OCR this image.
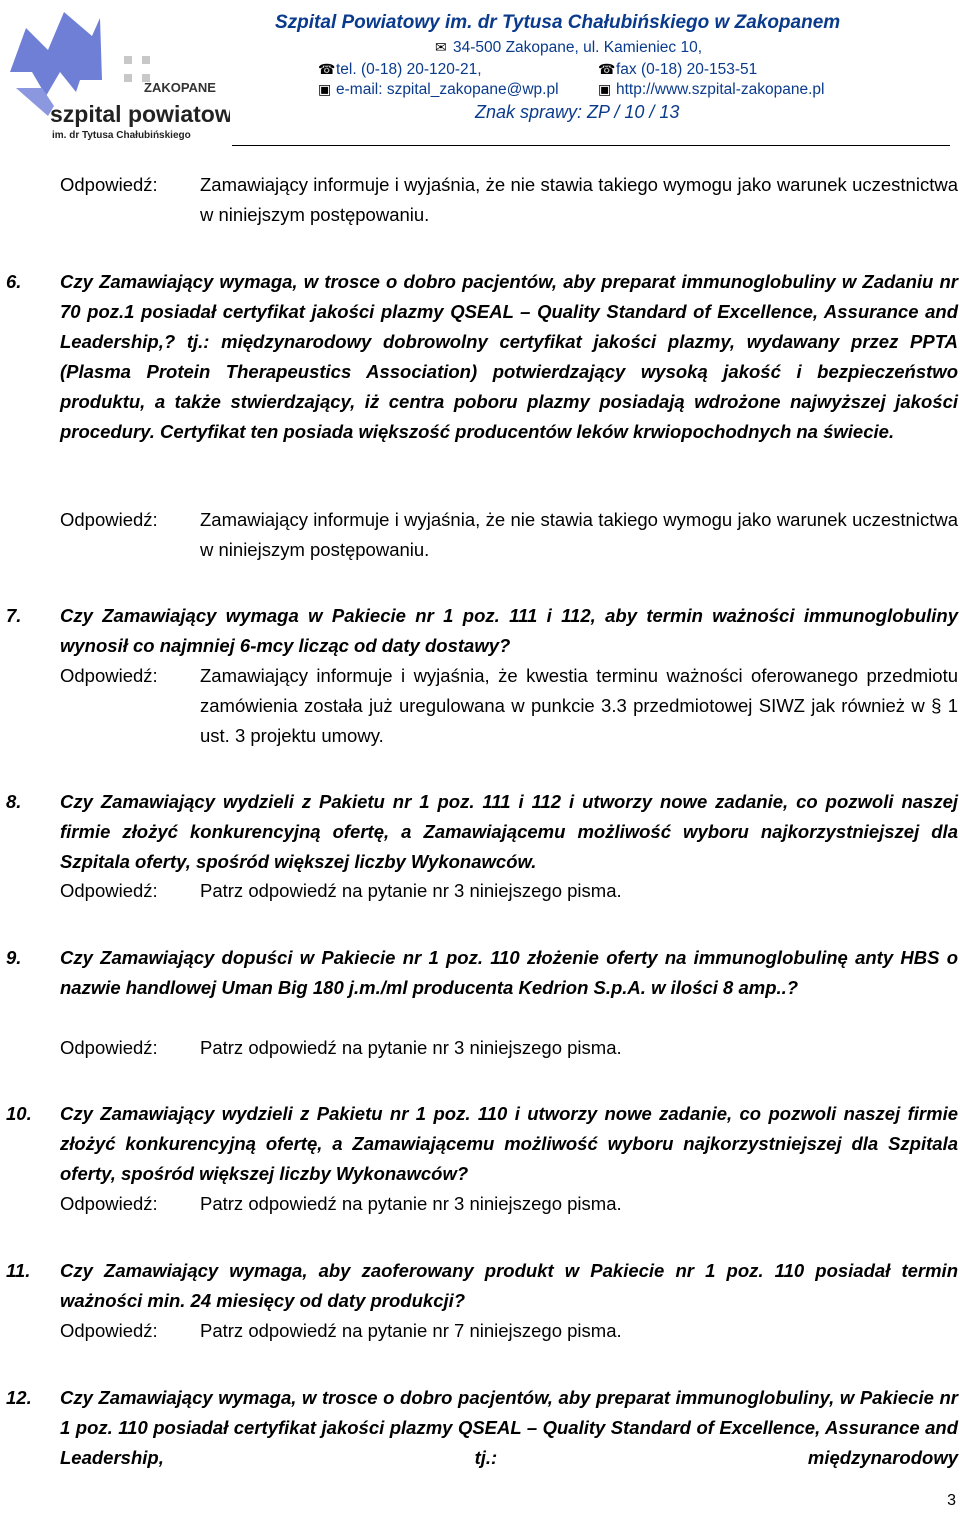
ZAKOPANE
szpital powiatowy
im. dr Tytusa Chałubińskiego
Szpital Powiatowy im. dr Tytusa Chałubińskiego w Zakopanem
✉ 34-500 Zakopane, ul. Kamieniec 10,
☎tel. (0-18) 20-120-21,	☎fax (0-18) 20-153-51
▣ e-mail: szpital_zakopane@wp.pl	▣ http://www.szpital-zakopane.pl
Znak sprawy: ZP / 10 / 13
Odpowiedź: Zamawiający informuje i wyjaśnia, że nie stawia takiego wymogu jako warunek uczestnictwa w niniejszym postępowaniu.
6. Czy Zamawiający wymaga, w trosce o dobro pacjentów, aby preparat immunoglobuliny w Zadaniu nr 70 poz.1 posiadał certyfikat jakości plazmy QSEAL – Quality Standard of Excellence, Assurance and Leadership,? tj.: międzynarodowy dobrowolny certyfikat jakości plazmy, wydawany przez PPTA (Plasma Protein Therapeustics Association) potwierdzający wysoką jakość i bezpieczeństwo produktu, a także stwierdzający, iż centra poboru plazmy posiadają wdrożone najwyższej jakości procedury. Certyfikat ten posiada większość producentów leków krwiopochodnych na świecie.
Odpowiedź: Zamawiający informuje i wyjaśnia, że nie stawia takiego wymogu jako warunek uczestnictwa w niniejszym postępowaniu.
7. Czy Zamawiający wymaga w Pakiecie nr 1 poz. 111 i 112, aby termin ważności immunoglobuliny wynosił co najmniej 6-mcy licząc od daty dostawy?
Odpowiedź: Zamawiający informuje i wyjaśnia, że kwestia terminu ważności oferowanego przedmiotu zamówienia została już uregulowana w punkcie 3.3 przedmiotowej SIWZ jak również w § 1 ust. 3 projektu umowy.
8. Czy Zamawiający wydzieli z Pakietu nr 1 poz. 111 i 112 i utworzy nowe zadanie, co pozwoli naszej firmie złożyć konkurencyjną ofertę, a Zamawiającemu możliwość wyboru najkorzystniejszej dla Szpitala oferty, spośród większej liczby Wykonawców.
Odpowiedź: Patrz odpowiedź na pytanie nr 3 niniejszego pisma.
9. Czy Zamawiający dopuści w Pakiecie nr 1 poz. 110 złożenie oferty na immunoglobulinę anty HBS o nazwie handlowej Uman Big 180 j.m./ml producenta Kedrion S.p.A. w ilości 8 amp..?
Odpowiedź: Patrz odpowiedź na pytanie nr 3 niniejszego pisma.
10. Czy Zamawiający wydzieli z Pakietu nr 1 poz. 110 i utworzy nowe zadanie, co pozwoli naszej firmie złożyć konkurencyjną ofertę, a Zamawiającemu możliwość wyboru najkorzystniejszej dla Szpitala oferty, spośród większej liczby Wykonawców?
Odpowiedź: Patrz odpowiedź na pytanie nr 3 niniejszego pisma.
11. Czy Zamawiający wymaga, aby zaoferowany produkt w Pakiecie nr 1 poz. 110 posiadał termin ważności min. 24 miesięcy od daty produkcji?
Odpowiedź: Patrz odpowiedź na pytanie nr 7 niniejszego pisma.
12. Czy Zamawiający wymaga, w trosce o dobro pacjentów, aby preparat immunoglobuliny, w Pakiecie nr 1 poz. 110 posiadał certyfikat jakości plazmy QSEAL – Quality Standard of Excellence, Assurance and Leadership, tj.: międzynarodowy
3
